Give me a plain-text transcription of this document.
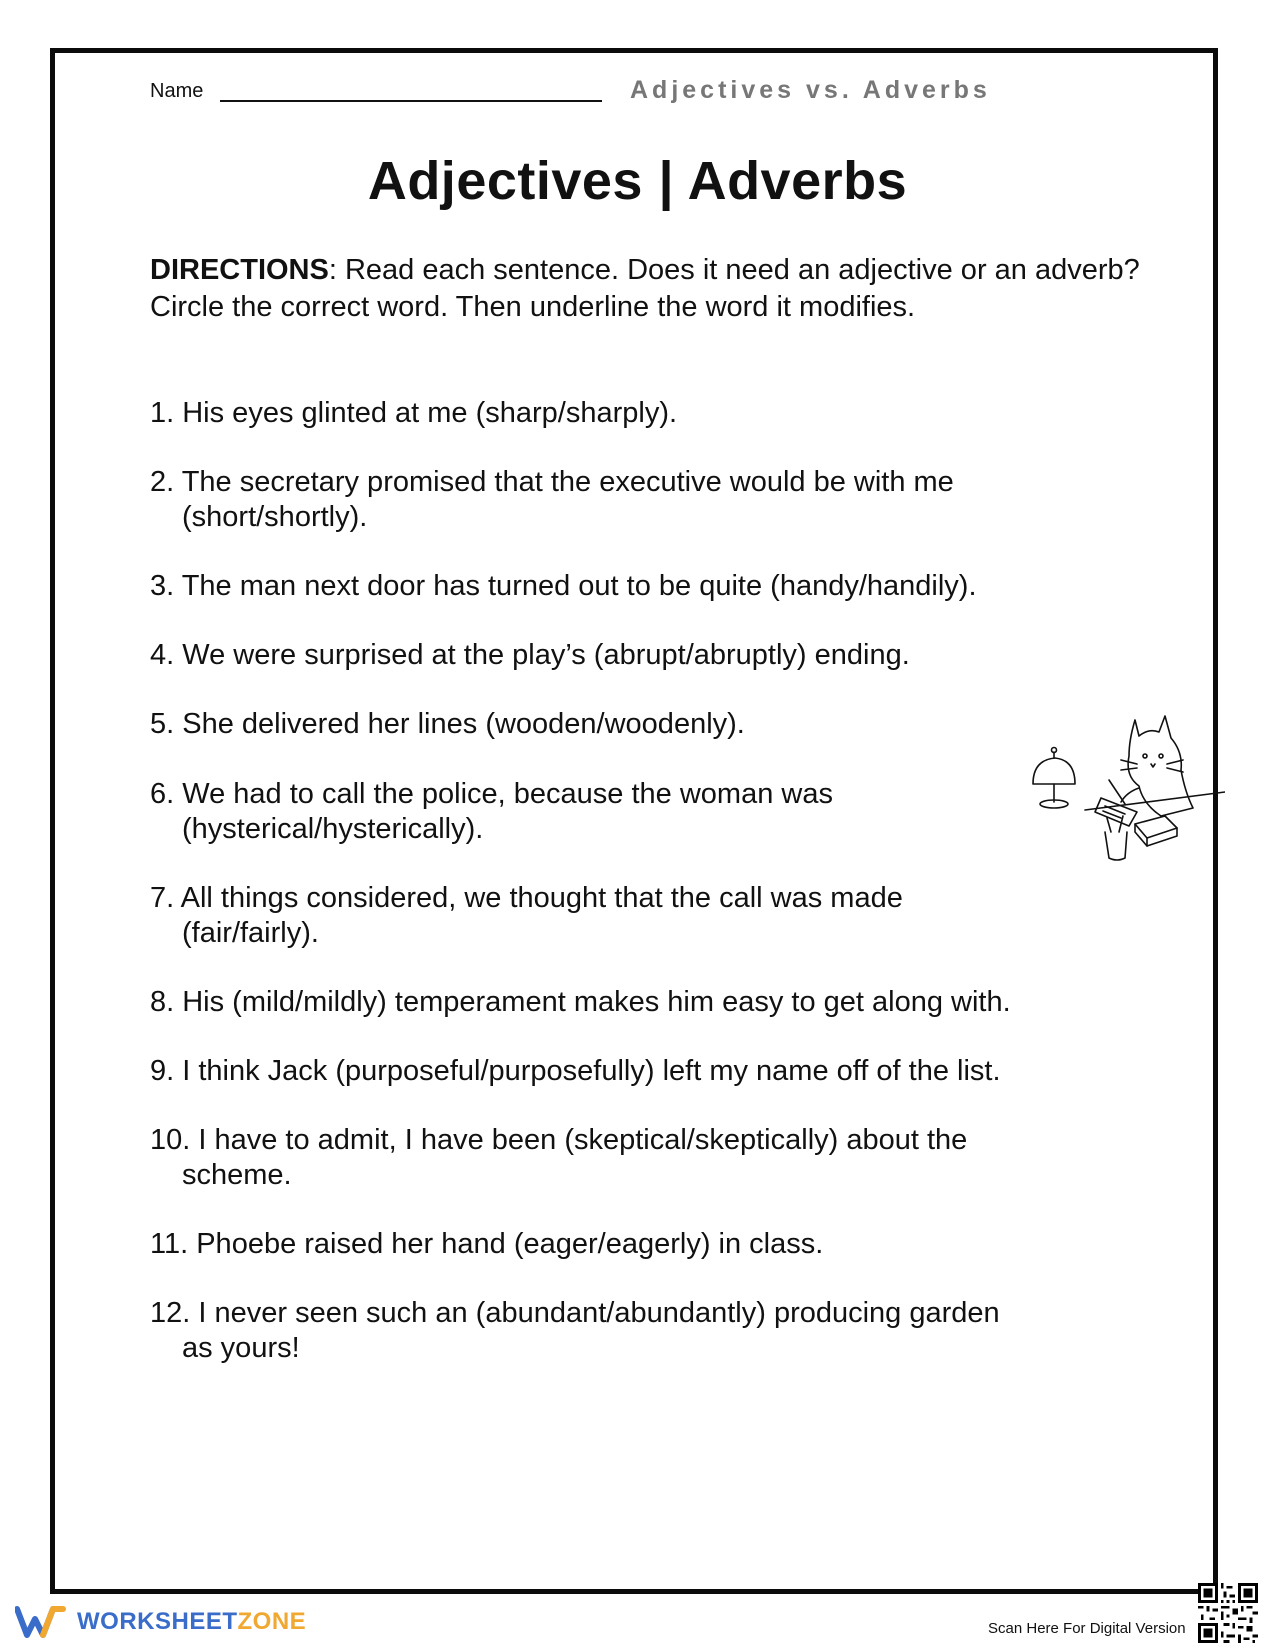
Name	Adjectives vs. Adverbs
Adjectives | Adverbs
DIRECTIONS: Read each sentence. Does it need an adjective or an adverb? Circle the correct word. Then underline the word it modifies.
1. His eyes glinted at me (sharp/sharply).
2. The secretary promised that the executive would be with me
(short/shortly).
3. The man next door has turned out to be quite (handy/handily).
4. We were surprised at the play’s (abrupt/abruptly) ending.
5. She delivered her lines (wooden/woodenly).
6. We had to call the police, because the woman was
(hysterical/hysterically).
7. All things considered, we thought that the call was made
(fair/fairly).
8. His (mild/mildly) temperament makes him easy to get along with.
9. I think Jack (purposeful/purposefully) left my name off of the list.
10. I have to admit, I have been (skeptical/skeptically) about the
scheme.
11. Phoebe raised her hand (eager/eagerly) in class.
12. I never seen such an (abundant/abundantly) producing garden
as yours!
WORKSHEETZONE	Scan Here For Digital Version
